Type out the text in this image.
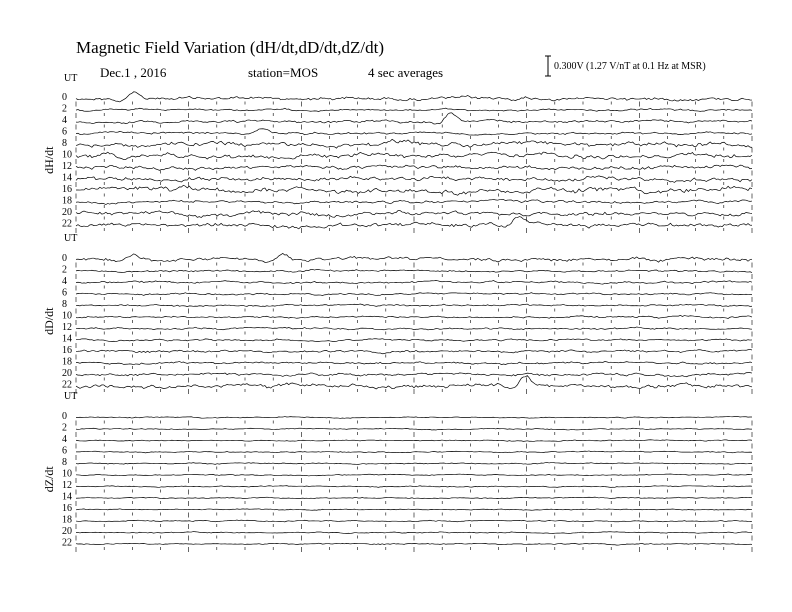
Magnetic Field Variation (dH/dt,dD/dt,dZ/dt)
Dec.1 , 2016	station=MOS	4 sec averages	0.300V (1.27 V/nT at 0.1 Hz at MSR)
UT
dH/dt
0
2
4
6
8
10
12
14
16
18
20
22
UT
dD/dt
0
2
4
6
8
10
12
14
16
18
20
22
UT
dZ/dt
0
2
4
6
8
10
12
14
16
18
20
22
